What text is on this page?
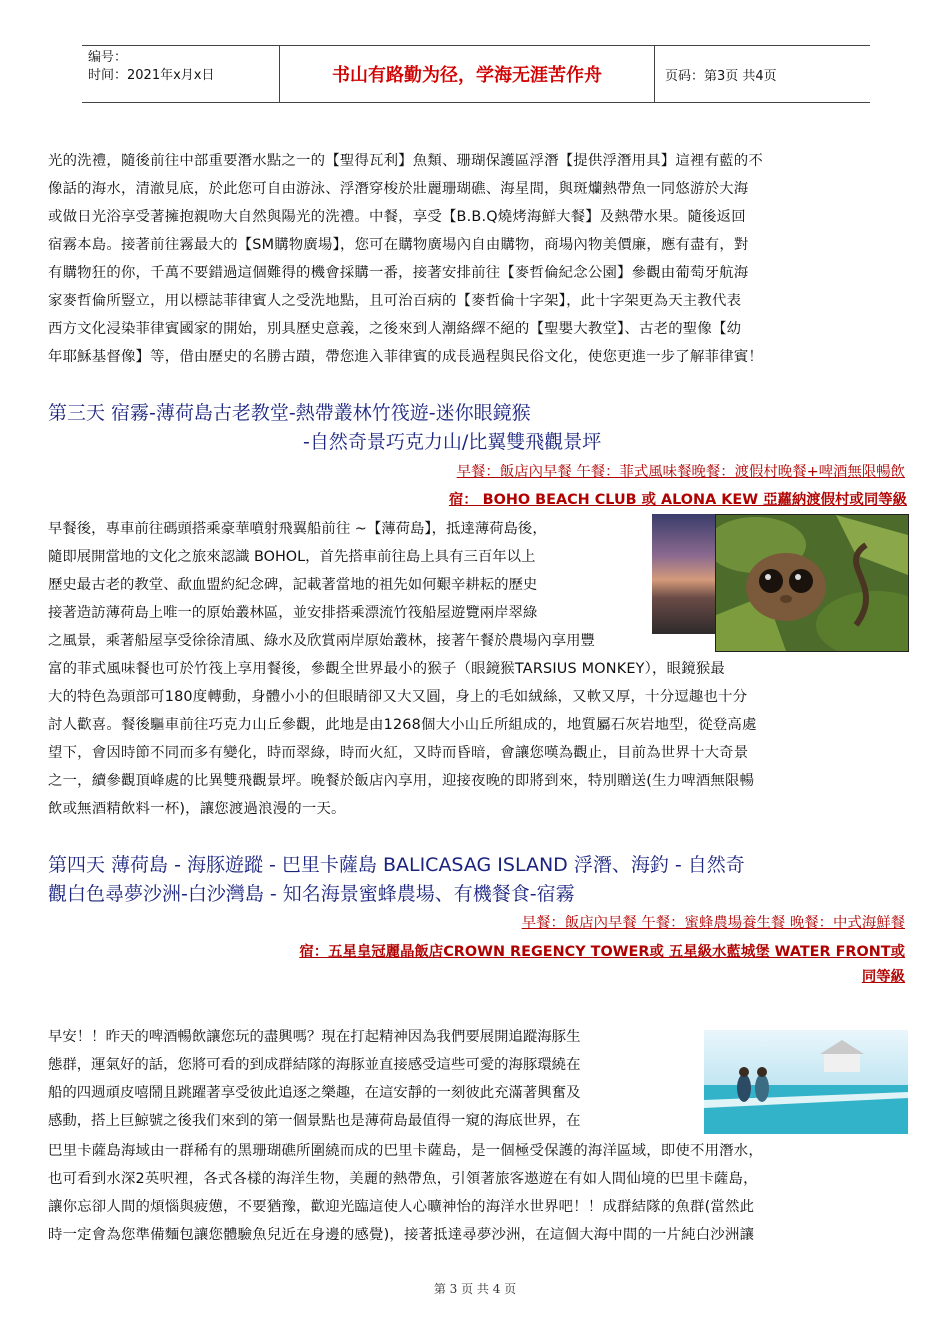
编号：
时间：2021年x月x日	书山有路勤为径，学海无涯苦作舟	页码：第3页 共4页
光的洗禮，隨後前往中部重要潛水點之一的【聖得瓦利】魚類、珊瑚保護區浮潛【提供浮潛用具】這裡有藍的不
像話的海水，清澈見底，於此您可自由游泳、浮潛穿梭於壯麗珊瑚礁、海星間，與斑爤熱帶魚一同悠游於大海
或做日光浴享受著擁抱親吻大自然與陽光的洗禮。中餐，享受【B.B.Q燒烤海鮮大餐】及熱帶水果。隨後返回
宿霧本島。接著前往霧最大的【SM購物廣場】，您可在購物廣場內自由購物，商場內物美價廉，應有盡有，對
有購物狂的你，千萬不要錯過這個難得的機會採購一番，接著安排前往【麥哲倫紀念公園】參觀由葡萄牙航海
家麥哲倫所豎立，用以標誌菲律賓人之受洗地點，且可治百病的【麥哲倫十字架】，此十字架更為天主教代表
西方文化浸染菲律賓國家的開始，別具歷史意義，之後來到人潮絡繹不絕的【聖嬰大教堂】、古老的聖像【幼
年耶穌基督像】等，借由歷史的名勝古蹟，帶您進入菲律賓的成長過程與民俗文化，使您更進一步了解菲律賓！
第三天 宿霧-薄荷島古老教堂-熱帶叢林竹筏遊-迷你眼鏡猴
-自然奇景巧克力山/比翼雙飛觀景坪
早餐：飯店內早餐 午餐：菲式風味餐晚餐：渡假村晚餐+啤酒無限暢飲
宿： BOHO BEACH CLUB 或 ALONA KEW 亞蘿納渡假村或同等級
早餐後，專車前往碼頭搭乘豪華噴射飛翼船前往 ~【薄荷島】，抵達薄荷島後，
隨即展開當地的文化之旅來認識 BOHOL，首先搭車前往島上具有三百年以上
歷史最古老的教堂、歃血盟約紀念碑，記載著當地的祖先如何艱辛耕耘的歷史
接著造訪薄荷島上唯一的原始叢林區，並安排搭乘漂流竹筏船屋遊覽兩岸翠綠
之風景，乘著船屋享受徐徐清風、綠水及欣賞兩岸原始叢林，接著午餐於農場內享用豐
富的菲式風味餐也可於竹筏上享用餐後，參觀全世界最小的猴子（眼鏡猴TARSIUS MONKEY），眼鏡猴最
大的特色為頭部可180度轉動，身體小小的但眼睛卻又大又圓，身上的毛如絨絲，又軟又厚，十分逗趣也十分
討人歡喜。餐後驅車前往巧克力山丘參觀，此地是由1268個大小山丘所組成的，地質屬石灰岩地型，從登高處
望下，會因時節不同而多有變化，時而翠綠，時而火紅，又時而昏暗，會讓您嘆為觀止，目前為世界十大奇景
之一，續參觀頂峰處的比異雙飛觀景坪。晚餐於飯店內享用，迎接夜晚的即將到來，特別贈送(生力啤酒無限暢
飲或無酒精飲料一杯)，讓您渡過浪漫的一天。
第四天 薄荷島 - 海豚遊蹤 - 巴里卡薩島 BALICASAG ISLAND 浮潛、海釣 - 自然奇
觀白色尋夢沙洲-白沙灣島 - 知名海景蜜蜂農場、有機餐食-宿霧
早餐：飯店內早餐 午餐：蜜蜂農場養生餐 晚餐：中式海鮮餐
宿：五星皇冠麗晶飯店CROWN REGENCY TOWER或 五星級水藍城堡 WATER FRONT或
同等級
早安！！昨天的啤酒暢飲讓您玩的盡興嗎？現在打起精神因為我們要展開追蹤海豚生
態群，運氣好的話，您將可看的到成群結隊的海豚並直接感受這些可愛的海豚環繞在
船的四週頑皮嘻鬧且跳躍著享受彼此追逐之樂趣，在這安靜的一刻彼此充滿著興奮及
感動，搭上巨鯨號之後我们來到的第一個景點也是薄荷島最值得一窺的海底世界，在
巴里卡薩島海域由一群稀有的黑珊瑚礁所圍繞而成的巴里卡薩島，是一個極受保護的海洋區域，即使不用潛水，
也可看到水深2英呎裡，各式各樣的海洋生物，美麗的熱帶魚，引領著旅客遨遊在有如人間仙境的巴里卡薩島，
讓你忘卻人間的煩惱與疲憊，不要猶豫，歡迎光臨這使人心曠神怡的海洋水世界吧！！成群結隊的魚群(當然此
時一定會為您準備麵包讓您體驗魚兒近在身邊的感覺)，接著抵達尋夢沙洲，在這個大海中間的一片純白沙洲讓
第 3 页 共 4 页
